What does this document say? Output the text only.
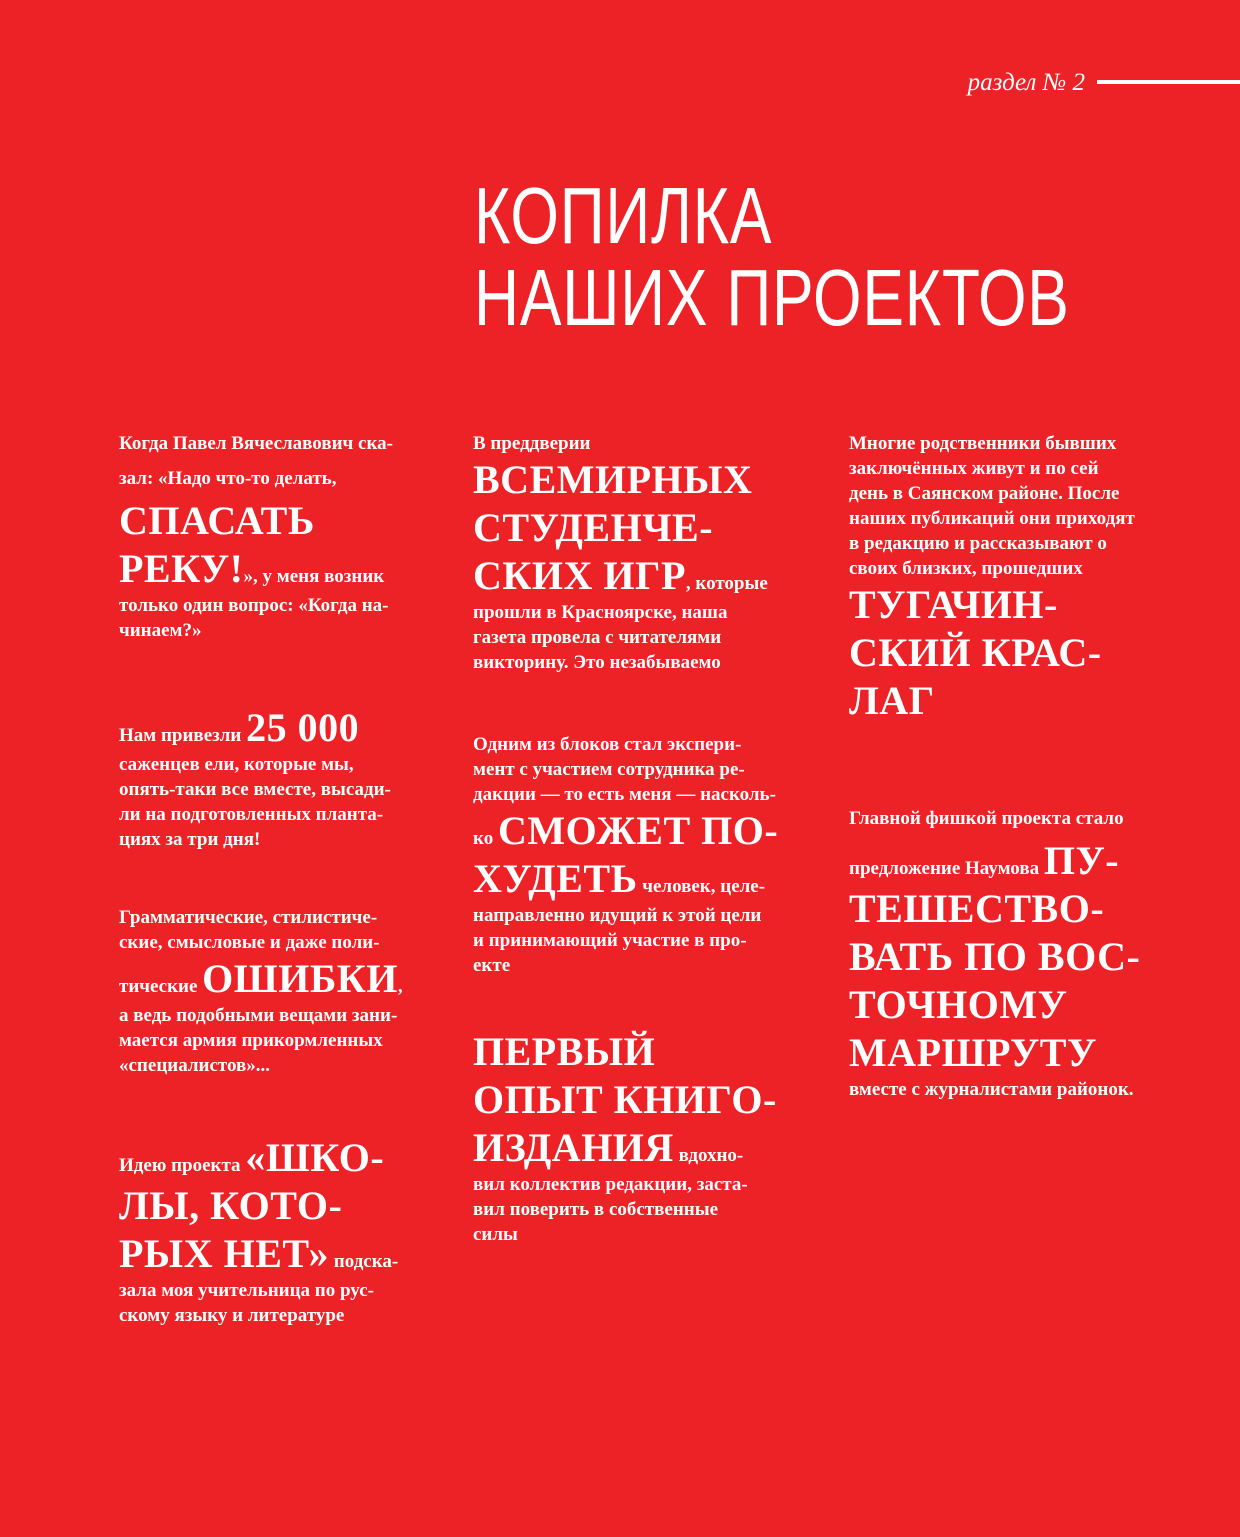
раздел № 2
КОПИЛКА
НАШИХ ПРОЕКТОВ
Когда Павел Вячеславович ска-
зал: «Надо что-то делать,
СПАСАТЬ
РЕКУ!», у меня возник
только один вопрос: «Когда на-
чинаем?»
Нам привезли 25 000
саженцев ели, которые мы,
опять-таки все вместе, высади-
ли на подготовленных планта-
циях за три дня!
Грамматические, стилистиче-
ские, смысловые и даже поли-
тические ОШИБКИ,
а ведь подобными вещами зани-
мается армия прикормленных
«специалистов»...
Идею проекта «ШКО-
ЛЫ, КОТО-
РЫХ НЕТ» подска-
зала моя учительница по рус-
скому языку и литературе
В преддверии
ВСЕМИРНЫХ
СТУДЕНЧЕ-
СКИХ ИГР, которые
прошли в Красноярске, наша
газета провела с читателями
викторину. Это незабываемо
Одним из блоков стал экспери-
мент с участием сотрудника ре-
дакции — то есть меня — насколь-
ко СМОЖЕТ ПО-
ХУДЕТЬ человек, целе-
направленно идущий к этой цели
и принимающий участие в про-
екте
ПЕРВЫЙ
ОПЫТ КНИГО-
ИЗДАНИЯ вдохно-
вил коллектив редакции, заста-
вил поверить в собственные
силы
Многие родственники бывших
заключённых живут и по сей
день в Саянском районе. После
наших публикаций они приходят
в редакцию и рассказывают о
своих близких, прошедших
ТУГАЧИН-
СКИЙ КРАС-
ЛАГ
Главной фишкой проекта стало
предложение Наумова ПУ-
ТЕШЕСТВО-
ВАТЬ ПО ВОС-
ТОЧНОМУ
МАРШРУТУ
вместе с журналистами районок.
